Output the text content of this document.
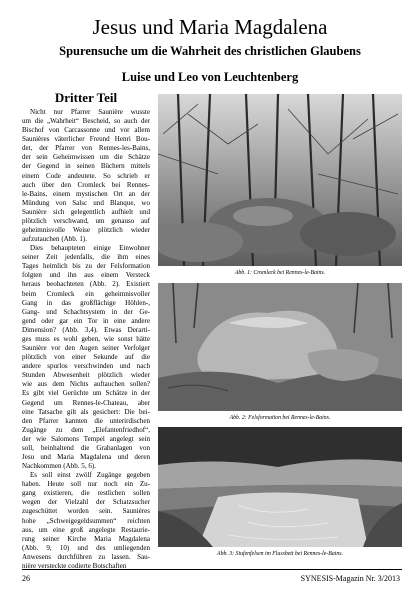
Jesus und Maria Magdalena
Spurensuche um die Wahrheit des christlichen Glaubens
Luise und Leo von Leuchtenberg
Dritter Teil
Nicht nur Pfarrer Saunière wusste
um die „Wahrheit“ Bescheid, so auch der
Bischof von Carcassonne und vor allem
Saunières väterlicher Freund Henri Bou-
det, der Pfarrer von Rennes-les-Bains,
der sein Geheimwissen um die Schätze
der Gegend in seinen Büchern mittels
einem Code andeutete. So schrieb er
auch über den Cromleck bei Rennes-
le-Bains, einem mystischen Ort an der
Mündung von Salsc und Blanque, wo
Saunière sich gelegentlich aufhielt und
plötzlich verschwand, um genauso auf
geheimnisvolle Weise plötzlich wieder
aufzutauchen (Abb. 1).
Dies behaupteten einige Einwohner
seiner Zeit jedenfalls, die ihm eines
Tages heimlich bis zu der Felsformation
folgten und ihn aus einem Versteck
heraus beobachteten (Abb. 2). Existiert
beim Cromleck ein geheimnisvoller
Gang in das großflächige Höhlen-,
Gang- und Schachtsystem in der Ge-
gend oder gar ein Tor in eine andere
Dimension? (Abb. 3,4). Etwas Derarti-
ges muss es wohl geben, wie sonst hätte
Saunière vor den Augen seiner Verfolger
plötzlich von einer Sekunde auf die
andere spurlos verschwinden und nach
Stunden Abwesenheit plötzlich wieder
wie aus dem Nichts auftauchen sollen?
Es gibt viel Gerüchte um Schätze in der
Gegend um Rennes-le-Chateau, aber
eine Tatsache gilt als gesichert: Die bei-
den Pfarrer kannten die unterirdischen
Zugänge zu dem „Elefantenfriedhof“,
der wie Salomons Tempel angelegt sein
soll, beinhaltend die Grabanlagen von
Jesu und Maria Magdalena und deren
Nachkommen (Abb. 5, 6).
Es soll einst zwölf Zugänge gegeben
haben. Heute soll nur noch ein Zu-
gang existieren, die restlichen sollen
wegen der Vielzahl der Schatzsucher
zugeschüttet worden sein. Saunières
hohe „Schweigegeldsummen“ reichten
aus, um eine groß angelegte Restaurie-
rung seiner Kirche Maria Magdalena
(Abb. 9, 10) und des umliegenden
Anwesens durchführen zu lassen. Sau-
nière versteckte codierte Botschaften
Abb. 1: Cromleck bei Rennes-le-Bains.
Abb. 2: Felsformation bei Rennes-le-Bains.
Abb. 3: Stufenfelsen im Flussbett bei Rennes-le-Bains.
26	SYNESIS-Magazin Nr. 3/2013
